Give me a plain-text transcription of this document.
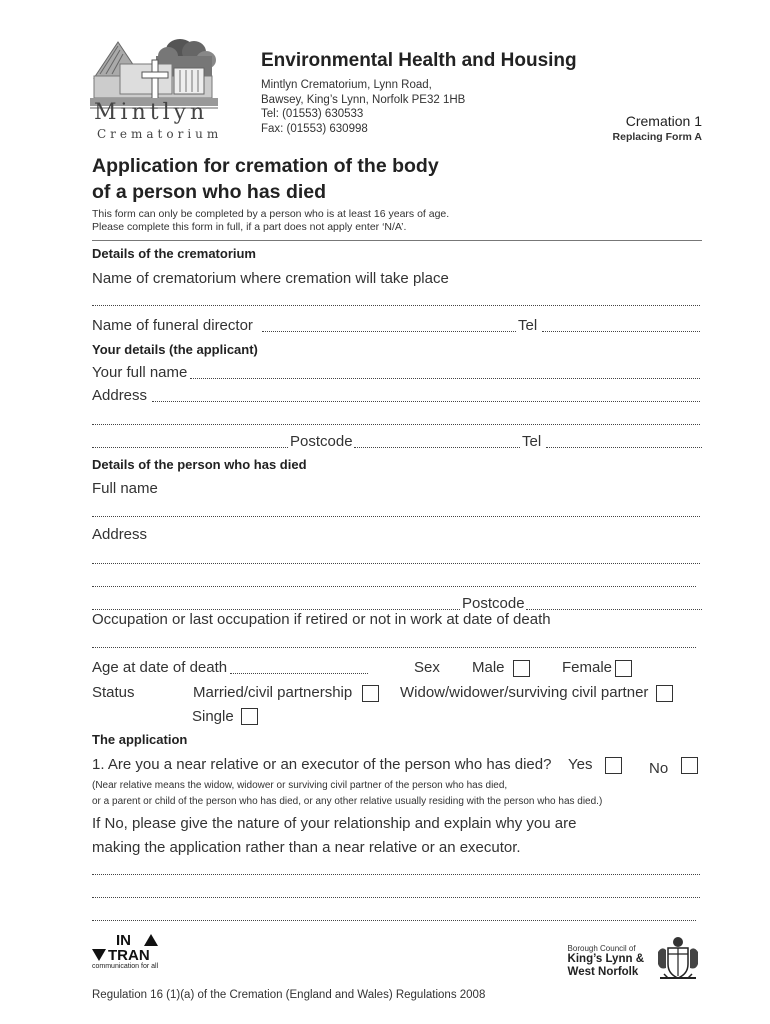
Mintlyn
Crematorium
Environmental Health and Housing
Mintlyn Crematorium, Lynn Road,
Bawsey, King’s Lynn, Norfolk PE32 1HB
Tel: (01553) 630533
Fax: (01553) 630998	Cremation 1
Replacing Form A
Application for cremation of the body
of a person who has died
This form can only be completed by a person who is at least 16 years of age.
Please complete this form in full, if a part does not apply enter ‘N/A’.
Details of the crematorium
Name of crematorium where cremation will take place
Name of funeral director	Tel
Your details (the applicant)
Your full name
Address
Postcode	Tel
Details of the person who has died
Full name
Address
Postcode
Occupation or last occupation if retired or not in work at date of death
Age at date of death	Sex Male	Female
Status	Married/civil partnership	Widow/widower/surviving civil partner
Single
The application
1. Are you a near relative or an executor of the person who has died? Yes	No
(Near relative means the widow, widower or surviving civil partner of the person who has died,
or a parent or child of the person who has died, or any other relative usually residing with the person who has died.)
If No, please give the nature of your relationship and explain why you are
making the application rather than a near relative or an executor.
IN
TRAN
communication for all
Borough Council of
King’s Lynn &
West Norfolk
Regulation 16 (1)(a) of the Cremation (England and Wales) Regulations 2008
